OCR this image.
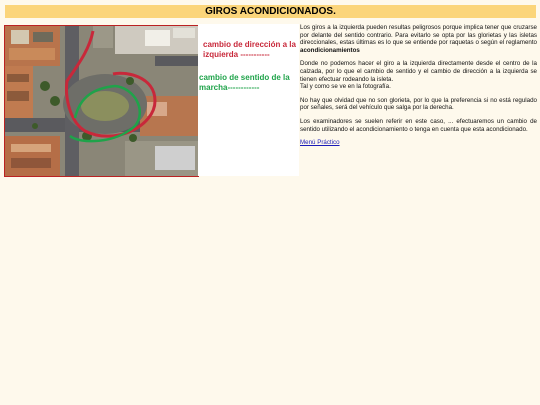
GIROS ACONDICIONADOS.
cambio de dirección a la izquierda -----------
cambio de sentido de la marcha------------

Los giros a la izquierda pueden resultas peligrosos porque implica tener que cruzarse por delante del sentido contrario. Para evitarlo se opta por las glorietas y las isletas direccionales, estas últimas es lo que se entiende por raquetas o según el reglamento acondicionamientos

Donde no podemos hacer el giro a la izquierda directamente desde el centro de la calzada, por lo que el cambio de sentido y el cambio de dirección a la izquierda se tienen efectuar rodeando la isleta.
Tal y como se ve en la fotografía.

No hay que olvidad que no son glorieta, por lo que la preferencia si no está regulado por señales, será del vehículo que salga por la derecha.

Los examinadores se suelen referir en este caso, ... efectuaremos un cambio de sentido utilizando el acondicionamiento o tenga en cuenta que esta acondicionado.

Menú Práctico
